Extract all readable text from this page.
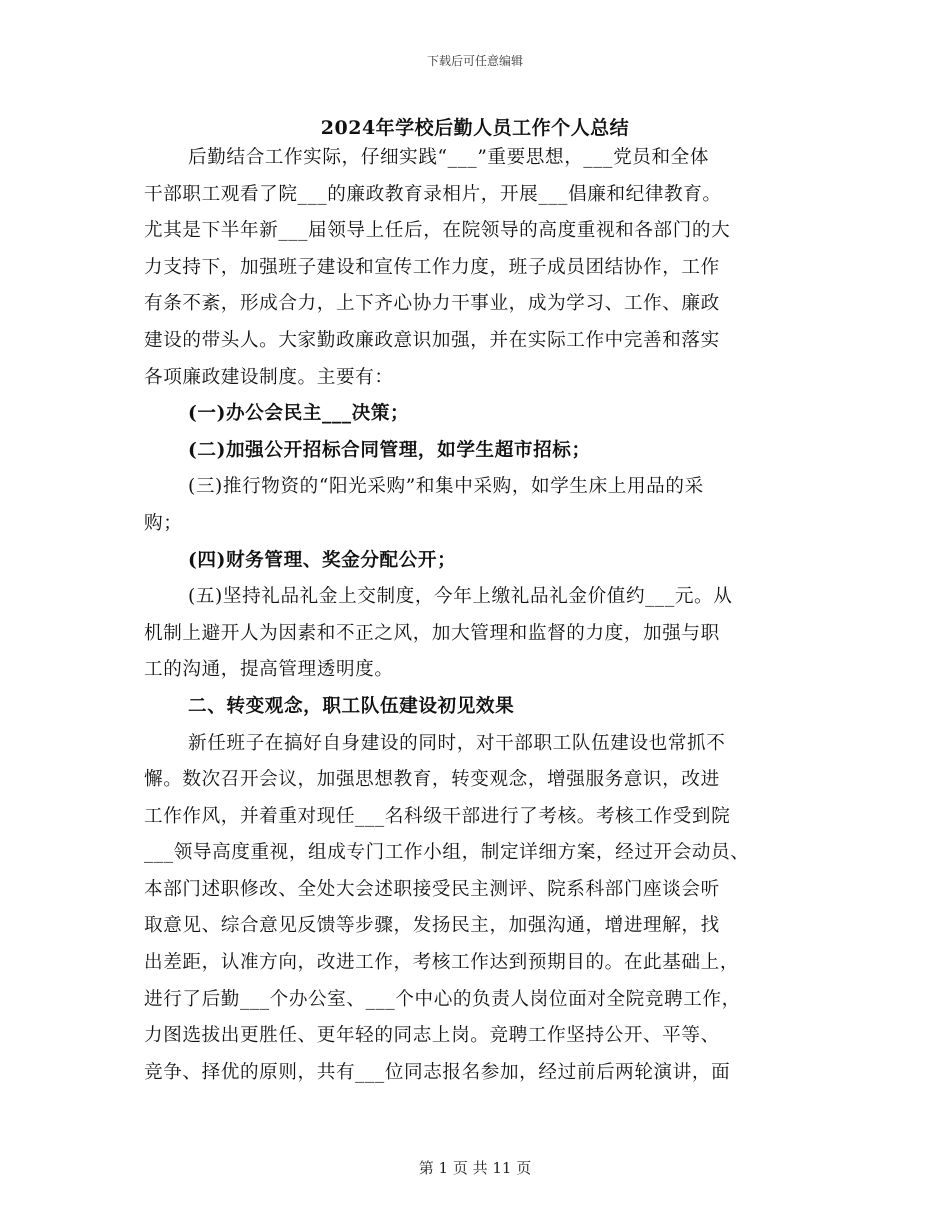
下载后可任意编辑
2024年学校后勤人员工作个人总结
后勤结合工作实际，仔细实践“___”重要思想，___党员和全体
干部职工观看了院___的廉政教育录相片，开展___倡廉和纪律教育。
尤其是下半年新___届领导上任后，在院领导的高度重视和各部门的大
力支持下，加强班子建设和宣传工作力度，班子成员团结协作，工作
有条不紊，形成合力，上下齐心协力干事业，成为学习、工作、廉政
建设的带头人。大家勤政廉政意识加强，并在实际工作中完善和落实
各项廉政建设制度。主要有：
(一)办公会民主___决策；
(二)加强公开招标合同管理，如学生超市招标；
(三)推行物资的“阳光采购”和集中采购，如学生床上用品的采
购；
(四)财务管理、奖金分配公开；
(五)坚持礼品礼金上交制度，今年上缴礼品礼金价值约___元。从
机制上避开人为因素和不正之风，加大管理和监督的力度，加强与职
工的沟通，提高管理透明度。
二、转变观念，职工队伍建设初见效果
新任班子在搞好自身建设的同时，对干部职工队伍建设也常抓不
懈。数次召开会议，加强思想教育，转变观念，增强服务意识，改进
工作作风，并着重对现任___名科级干部进行了考核。考核工作受到院
___领导高度重视，组成专门工作小组，制定详细方案，经过开会动员、
本部门述职修改、全处大会述职接受民主测评、院系科部门座谈会听
取意见、综合意见反馈等步骤，发扬民主，加强沟通，增进理解，找
出差距，认准方向，改进工作，考核工作达到预期目的。在此基础上，
进行了后勤___个办公室、___个中心的负责人岗位面对全院竞聘工作，
力图选拔出更胜任、更年轻的同志上岗。竞聘工作坚持公开、平等、
竞争、择优的原则，共有___位同志报名参加，经过前后两轮演讲，面
第 1 页 共 11 页
